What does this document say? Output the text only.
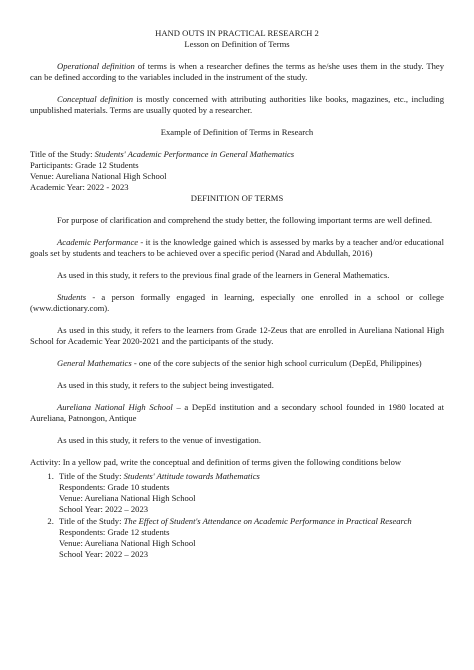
HAND OUTS IN PRACTICAL RESEARCH 2

Lesson on Definition of Terms

Operational definition of terms is when a researcher defines the terms as he/she uses them in the study. They can be defined according to the variables included in the instrument of the study.

Conceptual definition is mostly concerned with attributing authorities like books, magazines, etc., including unpublished materials. Terms are usually quoted by a researcher.

Example of Definition of Terms in Research

Title of the Study: Students' Academic Performance in General Mathematics

Participants: Grade 12 Students

Venue: Aureliana National High School

Academic Year: 2022 - 2023

DEFINITION OF TERMS

For purpose of clarification and comprehend the study better, the following important terms are well defined.

Academic Performance - it is the knowledge gained which is assessed by marks by a teacher and/or educational goals set by students and teachers to be achieved over a specific period (Narad and Abdullah, 2016)

As used in this study, it refers to the previous final grade of the learners in General Mathematics.

Students - a person formally engaged in learning, especially one enrolled in a school or college (www.dictionary.com).

As used in this study, it refers to the learners from Grade 12-Zeus that are enrolled in Aureliana National High School for Academic Year 2020-2021 and the participants of the study.

General Mathematics - one of the core subjects of the senior high school curriculum (DepEd, Philippines)

As used in this study, it refers to the subject being investigated.

Aureliana National High School – a DepEd institution and a secondary school founded in 1980 located at Aureliana, Patnongon, Antique

As used in this study, it refers to the venue of investigation.

Activity: In a yellow pad, write the conceptual and definition of terms given the following conditions below

1. Title of the Study: Students' Attitude towards Mathematics
Respondents: Grade 10 students
Venue: Aureliana National High School
School Year: 2022 – 2023
2. Title of the Study: The Effect of Student's Attendance on Academic Performance in Practical Research
Respondents: Grade 12 students
Venue: Aureliana National High School
School Year: 2022 – 2023
